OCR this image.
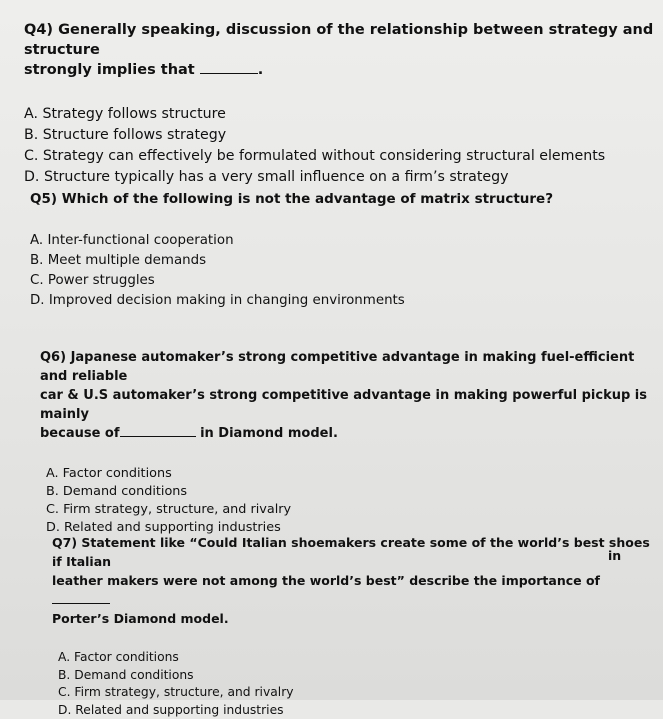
Q4) Generally speaking, discussion of the relationship between strategy and structure
strongly implies that	.

A. Strategy follows structure
B. Structure follows strategy
C. Strategy can effectively be formulated without considering structural elements
D. Structure typically has a very small influence on a firm’s strategy

Q5) Which of the following is not the advantage of matrix structure?

A. Inter-functional cooperation
B. Meet multiple demands
C. Power struggles
D. Improved decision making in changing environments

Q6) Japanese automaker’s strong competitive advantage in making fuel-efficient and reliable
car & U.S automaker’s strong competitive advantage in making powerful pickup is mainly
because of	in Diamond model.

A. Factor conditions
B. Demand conditions
C. Firm strategy, structure, and rivalry
D. Related and supporting industries

Q7) Statement like “Could Italian shoemakers create some of the world’s best shoes if Italian
leather makers were not among the world’s best” describe the importance of
Porter’s Diamond model.

in
A. Factor conditions
B. Demand conditions
C. Firm strategy, structure, and rivalry
D. Related and supporting industries
